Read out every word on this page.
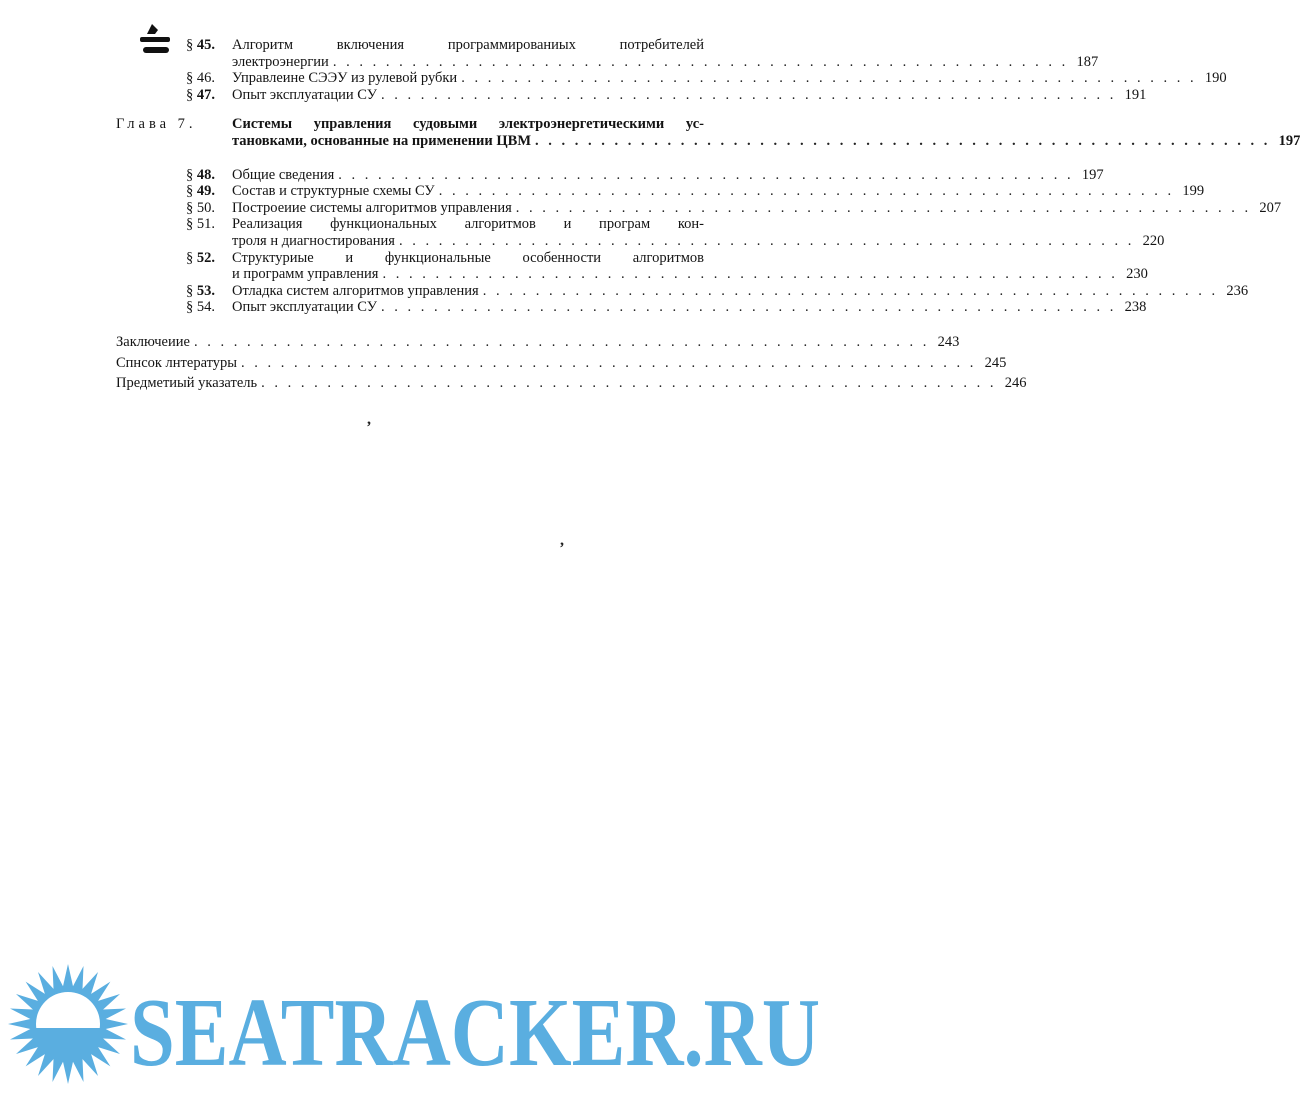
§ 45.	Алгоритм включения программированиых потребителей
электроэнергии . . . . . . . . . . . . . . . . . . . . . . . . . . . . . . . . . . . . . . . . . . . . . . . . . . . . . . . . 187
§ 46.	Управлеине СЭЭУ из рулевой рубки . . . . . . . . . . . . . . . . . . . . . . . . . . . . . . . . . . . . . . . . . . . . . . . . . . . . . . . . 190
§ 47.	Опыт эксплуатации СУ . . . . . . . . . . . . . . . . . . . . . . . . . . . . . . . . . . . . . . . . . . . . . . . . . . . . . . . . 191
Глава 7. Системы управления судовыми электроэнергетическими ус-
тановками, основанные на применении ЦВМ . . . . . . . . . . . . . . . . . . . . . . . . . . . . . . . . . . . . . . . . . . . . . . . . . . . . . . . . 197
§ 48.	Общие сведения . . . . . . . . . . . . . . . . . . . . . . . . . . . . . . . . . . . . . . . . . . . . . . . . . . . . . . . . 197
§ 49.	Состав и структурные схемы СУ . . . . . . . . . . . . . . . . . . . . . . . . . . . . . . . . . . . . . . . . . . . . . . . . . . . . . . . . 199
§ 50.	Построеиие системы алгоритмов управления . . . . . . . . . . . . . . . . . . . . . . . . . . . . . . . . . . . . . . . . . . . . . . . . . . . . . . . . 207
§ 51.	Реализация функциональных алгоритмов и програм кон-
троля н диагностирования . . . . . . . . . . . . . . . . . . . . . . . . . . . . . . . . . . . . . . . . . . . . . . . . . . . . . . . . 220
§ 52.	Структуриые и функциональные особенности алгоритмов
и программ управления . . . . . . . . . . . . . . . . . . . . . . . . . . . . . . . . . . . . . . . . . . . . . . . . . . . . . . . . 230
§ 53.	Отладка систем алгоритмов управления . . . . . . . . . . . . . . . . . . . . . . . . . . . . . . . . . . . . . . . . . . . . . . . . . . . . . . . . 236
§ 54.	Опыт эксплуатации СУ . . . . . . . . . . . . . . . . . . . . . . . . . . . . . . . . . . . . . . . . . . . . . . . . . . . . . . . . 238
Заключеиие . . . . . . . . . . . . . . . . . . . . . . . . . . . . . . . . . . . . . . . . . . . . . . . . . . . . . . . . 243
Спнсок лнтературы . . . . . . . . . . . . . . . . . . . . . . . . . . . . . . . . . . . . . . . . . . . . . . . . . . . . . . . . 245
Предметиый указатель . . . . . . . . . . . . . . . . . . . . . . . . . . . . . . . . . . . . . . . . . . . . . . . . . . . . . . . . 246
,
,
SEATRACKER.RU
